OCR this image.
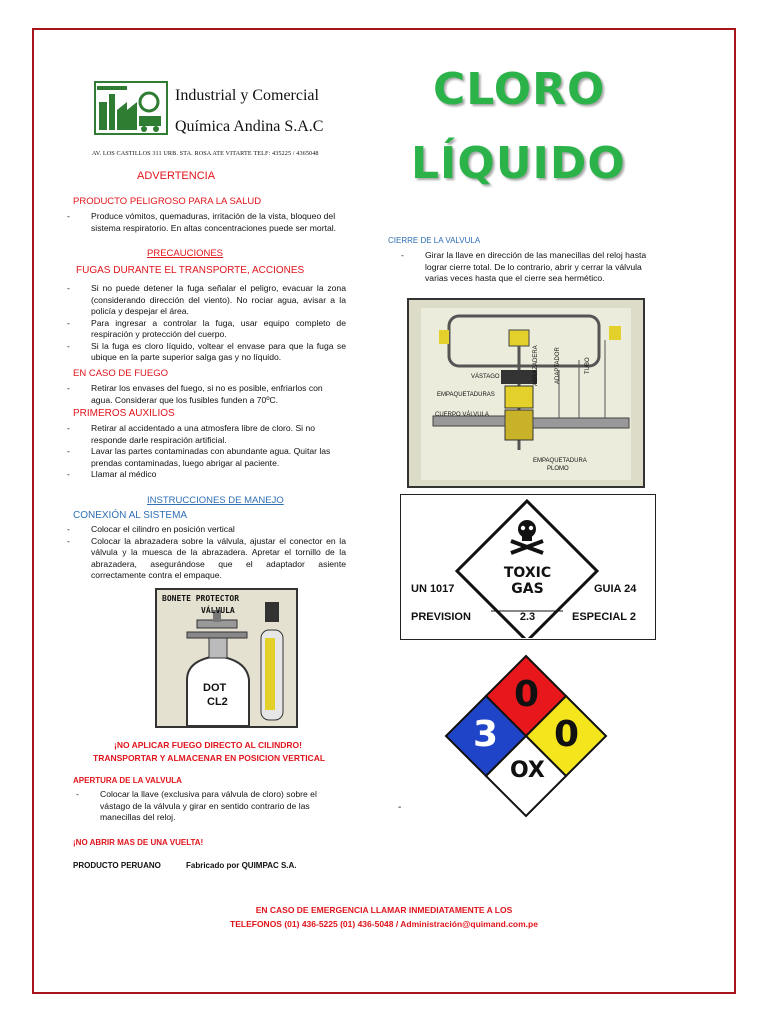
Industrial y Comercial
Química Andina S.A.C
AV. LOS CASTILLOS 311 URB. STA. ROSA ATE VITARTE TELF: 435225 / 4365048
CLORO
LÍQUIDO
ADVERTENCIA
PRODUCTO PELIGROSO PARA LA SALUD
- Produce vómitos, quemaduras, irritación de la vista, bloqueo del sistema respiratorio. En altas concentraciones puede ser mortal.
PRECAUCIONES
FUGAS DURANTE EL TRANSPORTE, ACCIONES
- Si no puede detener la fuga señalar el peligro, evacuar la zona (considerando dirección del viento). No rociar agua, avisar a la policía y despejar el área.
- Para ingresar a controlar la fuga, usar equipo completo de respiración y protección del cuerpo.
- Si la fuga es cloro líquido, voltear el envase para que la fuga se ubique en la parte superior salga gas y no líquido.
EN CASO DE FUEGO
- Retirar los envases del fuego, si no es posible, enfriarlos con agua. Considerar que los fusibles funden a 70ºC.
PRIMEROS AUXILIOS
- Retirar al accidentado a una atmosfera libre de cloro. Si no responde darle respiración artificial.
- Lavar las partes contaminadas con abundante agua. Quitar las prendas contaminadas, luego abrigar al paciente.
- Llamar al médico
INSTRUCCIONES DE MANEJO
CONEXIÓN AL SISTEMA
- Colocar el cilindro en posición vertical
- Colocar la abrazadera sobre la válvula, ajustar el conector en la válvula y la muesca de la abrazadera. Apretar el tornillo de la abrazadera, asegurándose que el adaptador asiente correctamente contra el empaque.
BONETE PROTECTOR
VÁLVULA
DOT
CL2
¡NO APLICAR FUEGO DIRECTO AL CILINDRO!
TRANSPORTAR Y ALMACENAR EN POSICION VERTICAL
APERTURA DE LA VALVULA
- Colocar la llave (exclusiva para válvula de cloro) sobre el vástago de la válvula y girar en sentido contrario de las manecillas del reloj.
¡NO ABRIR MAS DE UNA VUELTA!
PRODUCTO PERUANO	Fabricado por QUIMPAC S.A.
CIERRE DE LA VALVULA
- Girar la llave en dirección de las manecillas del reloj hasta lograr cierre total. De lo contrario, abrir y cerrar la válvula varias veces hasta que el cierre sea hermético.
VÁSTAGO
EMPAQUETADURAS
CUERPO VÁLVULA
EMPAQUETADURA
PLOMO
ABRAZADERA	ADAPTADOR	TUBO
UN 1017	GUIA 24
PREVISION	ESPECIAL 2
TOXIC
GAS
2.3
0
3 0
OX
-
EN CASO DE EMERGENCIA LLAMAR INMEDIATAMENTE A LOS
TELEFONOS (01) 436-5225 (01) 436-5048 / Administración@quimand.com.pe
